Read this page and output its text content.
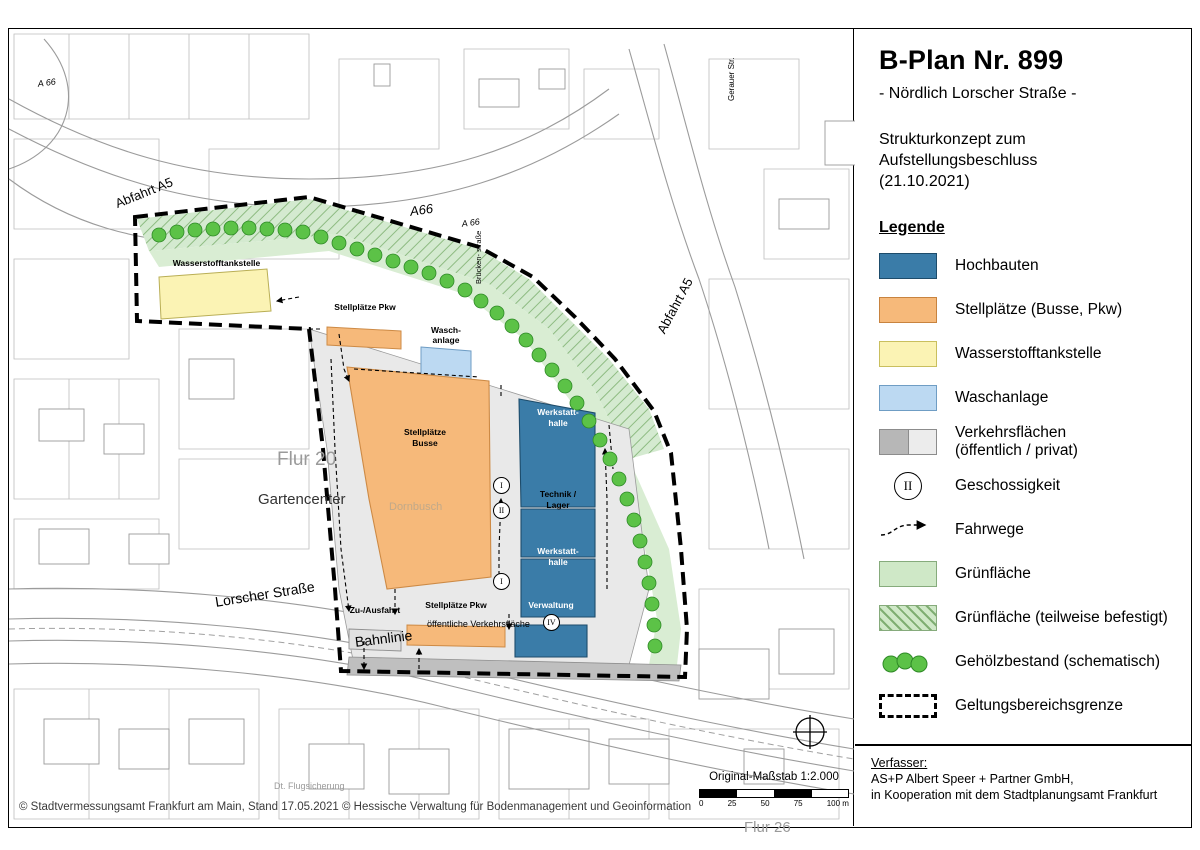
Abfahrt A5
Abfahrt A5
A66
A 66
A 66
Lorscher Straße
Bahnlinie
Gerauer Str.
Brücken- straße
Flur 20
Flur 26
Gartencenter	Dornbusch
Dt. Flugsicherung
Wasserstofftankstelle
Stellplätze Pkw
Wasch-
anlage
Stellplätze
Busse
Werkstatt-
halle
Technik /
Lager
Werkstatt-
halle
Verwaltung
Stellplätze Pkw
Zu-/Ausfahrt
öffentliche Verkehrsfläche
I
II
I
IV
Original-Maßstab 1:2.000
0	25	50	75	100 m
© Stadtvermessungsamt Frankfurt am Main, Stand 17.05.2021 © Hessische Verwaltung für Bodenmanagement und Geoinformation
B-Plan Nr. 899
- Nördlich Lorscher Straße -
Strukturkonzept zum
Aufstellungsbeschluss
(21.10.2021)
Legende
Hochbauten
Stellplätze (Busse, Pkw)
Wasserstofftankstelle
Waschanlage
Verkehrsflächen
(öffentlich / privat)
II	Geschossigkeit
Fahrwege
Grünfläche
Grünfläche (teilweise befestigt)
Gehölzbestand (schematisch)
Geltungsbereichsgrenze
Verfasser:
AS+P Albert Speer + Partner GmbH,
in Kooperation mit dem Stadtplanungsamt Frankfurt
